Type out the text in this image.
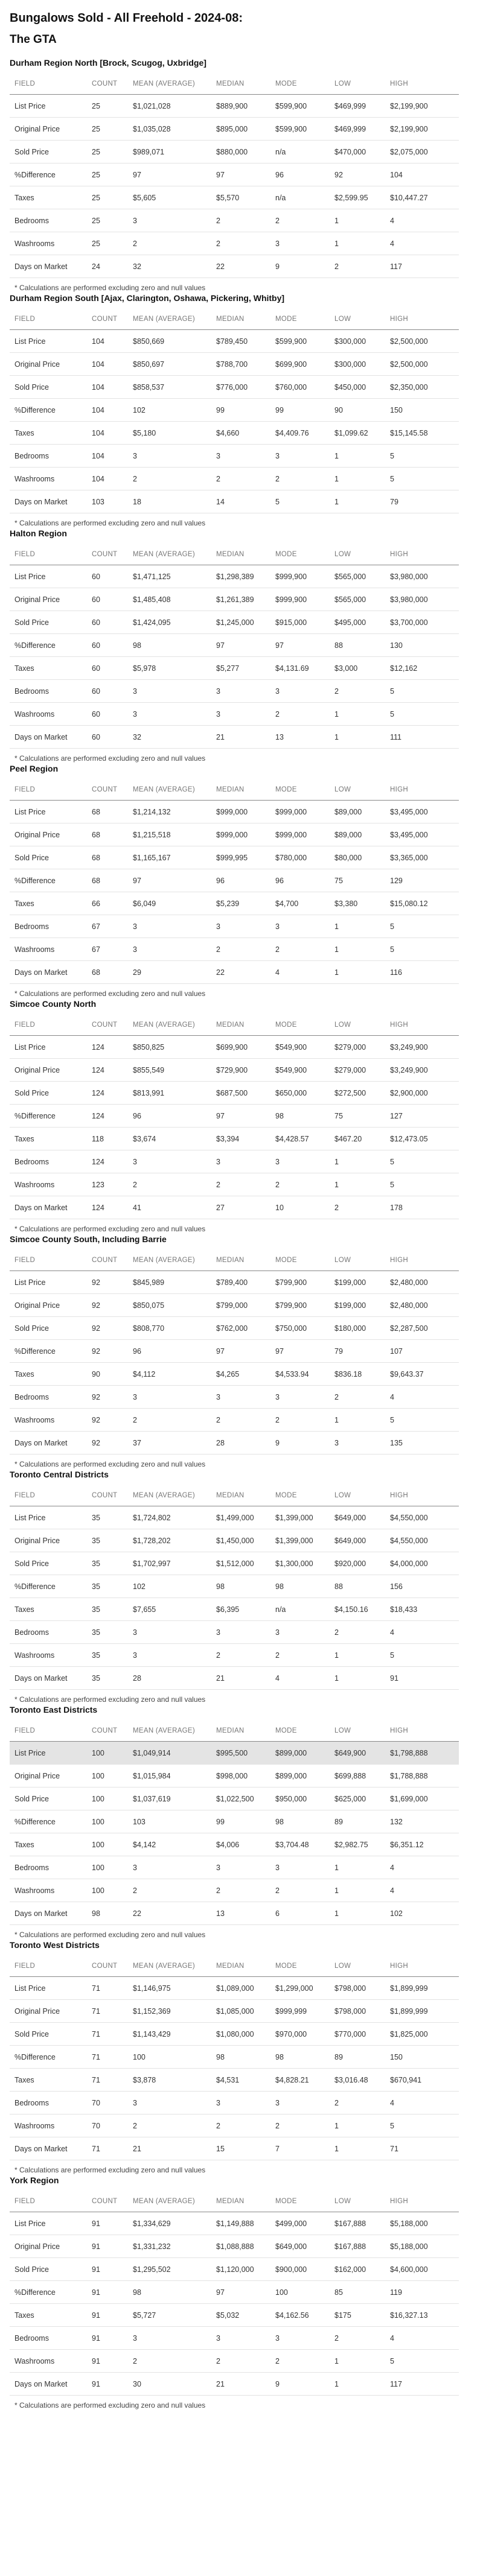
Bungalows Sold - All Freehold - 2024-08:
The GTA
Durham Region North [Brock, Scugog, Uxbridge]
FIELD	COUNT	MEAN (AVERAGE)	MEDIAN	MODE	LOW	HIGH
List Price	25	$1,021,028	$889,900	$599,900	$469,999	$2,199,900
Original Price	25	$1,035,028	$895,000	$599,900	$469,999	$2,199,900
Sold Price	25	$989,071	$880,000	n/a	$470,000	$2,075,000
%Difference	25	97	97	96	92	104
Taxes	25	$5,605	$5,570	n/a	$2,599.95	$10,447.27
Bedrooms	25	3	2	2	1	4
Washrooms	25	2	2	3	1	4
Days on Market	24	32	22	9	2	117
* Calculations are performed excluding zero and null values
Durham Region South [Ajax, Clarington, Oshawa, Pickering, Whitby]
FIELD	COUNT	MEAN (AVERAGE)	MEDIAN	MODE	LOW	HIGH
List Price	104	$850,669	$789,450	$599,900	$300,000	$2,500,000
Original Price	104	$850,697	$788,700	$699,900	$300,000	$2,500,000
Sold Price	104	$858,537	$776,000	$760,000	$450,000	$2,350,000
%Difference	104	102	99	99	90	150
Taxes	104	$5,180	$4,660	$4,409.76	$1,099.62	$15,145.58
Bedrooms	104	3	3	3	1	5
Washrooms	104	2	2	2	1	5
Days on Market	103	18	14	5	1	79
* Calculations are performed excluding zero and null values
Halton Region
FIELD	COUNT	MEAN (AVERAGE)	MEDIAN	MODE	LOW	HIGH
List Price	60	$1,471,125	$1,298,389	$999,900	$565,000	$3,980,000
Original Price	60	$1,485,408	$1,261,389	$999,900	$565,000	$3,980,000
Sold Price	60	$1,424,095	$1,245,000	$915,000	$495,000	$3,700,000
%Difference	60	98	97	97	88	130
Taxes	60	$5,978	$5,277	$4,131.69	$3,000	$12,162
Bedrooms	60	3	3	3	2	5
Washrooms	60	3	3	2	1	5
Days on Market	60	32	21	13	1	111
* Calculations are performed excluding zero and null values
Peel Region
FIELD	COUNT	MEAN (AVERAGE)	MEDIAN	MODE	LOW	HIGH
List Price	68	$1,214,132	$999,000	$999,000	$89,000	$3,495,000
Original Price	68	$1,215,518	$999,000	$999,000	$89,000	$3,495,000
Sold Price	68	$1,165,167	$999,995	$780,000	$80,000	$3,365,000
%Difference	68	97	96	96	75	129
Taxes	66	$6,049	$5,239	$4,700	$3,380	$15,080.12
Bedrooms	67	3	3	3	1	5
Washrooms	67	3	2	2	1	5
Days on Market	68	29	22	4	1	116
* Calculations are performed excluding zero and null values
Simcoe County North
FIELD	COUNT	MEAN (AVERAGE)	MEDIAN	MODE	LOW	HIGH
List Price	124	$850,825	$699,900	$549,900	$279,000	$3,249,900
Original Price	124	$855,549	$729,900	$549,900	$279,000	$3,249,900
Sold Price	124	$813,991	$687,500	$650,000	$272,500	$2,900,000
%Difference	124	96	97	98	75	127
Taxes	118	$3,674	$3,394	$4,428.57	$467.20	$12,473.05
Bedrooms	124	3	3	3	1	5
Washrooms	123	2	2	2	1	5
Days on Market	124	41	27	10	2	178
* Calculations are performed excluding zero and null values
Simcoe County South, Including Barrie
FIELD	COUNT	MEAN (AVERAGE)	MEDIAN	MODE	LOW	HIGH
List Price	92	$845,989	$789,400	$799,900	$199,000	$2,480,000
Original Price	92	$850,075	$799,000	$799,900	$199,000	$2,480,000
Sold Price	92	$808,770	$762,000	$750,000	$180,000	$2,287,500
%Difference	92	96	97	97	79	107
Taxes	90	$4,112	$4,265	$4,533.94	$836.18	$9,643.37
Bedrooms	92	3	3	3	2	4
Washrooms	92	2	2	2	1	5
Days on Market	92	37	28	9	3	135
* Calculations are performed excluding zero and null values
Toronto Central Districts
FIELD	COUNT	MEAN (AVERAGE)	MEDIAN	MODE	LOW	HIGH
List Price	35	$1,724,802	$1,499,000	$1,399,000	$649,000	$4,550,000
Original Price	35	$1,728,202	$1,450,000	$1,399,000	$649,000	$4,550,000
Sold Price	35	$1,702,997	$1,512,000	$1,300,000	$920,000	$4,000,000
%Difference	35	102	98	98	88	156
Taxes	35	$7,655	$6,395	n/a	$4,150.16	$18,433
Bedrooms	35	3	3	3	2	4
Washrooms	35	3	2	2	1	5
Days on Market	35	28	21	4	1	91
* Calculations are performed excluding zero and null values
Toronto East Districts
FIELD	COUNT	MEAN (AVERAGE)	MEDIAN	MODE	LOW	HIGH
List Price	100	$1,049,914	$995,500	$899,000	$649,900	$1,798,888
Original Price	100	$1,015,984	$998,000	$899,000	$699,888	$1,788,888
Sold Price	100	$1,037,619	$1,022,500	$950,000	$625,000	$1,699,000
%Difference	100	103	99	98	89	132
Taxes	100	$4,142	$4,006	$3,704.48	$2,982.75	$6,351.12
Bedrooms	100	3	3	3	1	4
Washrooms	100	2	2	2	1	4
Days on Market	98	22	13	6	1	102
* Calculations are performed excluding zero and null values
Toronto West Districts
FIELD	COUNT	MEAN (AVERAGE)	MEDIAN	MODE	LOW	HIGH
List Price	71	$1,146,975	$1,089,000	$1,299,000	$798,000	$1,899,999
Original Price	71	$1,152,369	$1,085,000	$999,999	$798,000	$1,899,999
Sold Price	71	$1,143,429	$1,080,000	$970,000	$770,000	$1,825,000
%Difference	71	100	98	98	89	150
Taxes	71	$3,878	$4,531	$4,828.21	$3,016.48	$670,941
Bedrooms	70	3	3	3	2	4
Washrooms	70	2	2	2	1	5
Days on Market	71	21	15	7	1	71
* Calculations are performed excluding zero and null values
York Region
FIELD	COUNT	MEAN (AVERAGE)	MEDIAN	MODE	LOW	HIGH
List Price	91	$1,334,629	$1,149,888	$499,000	$167,888	$5,188,000
Original Price	91	$1,331,232	$1,088,888	$649,000	$167,888	$5,188,000
Sold Price	91	$1,295,502	$1,120,000	$900,000	$162,000	$4,600,000
%Difference	91	98	97	100	85	119
Taxes	91	$5,727	$5,032	$4,162.56	$175	$16,327.13
Bedrooms	91	3	3	3	2	4
Washrooms	91	2	2	2	1	5
Days on Market	91	30	21	9	1	117
* Calculations are performed excluding zero and null values
